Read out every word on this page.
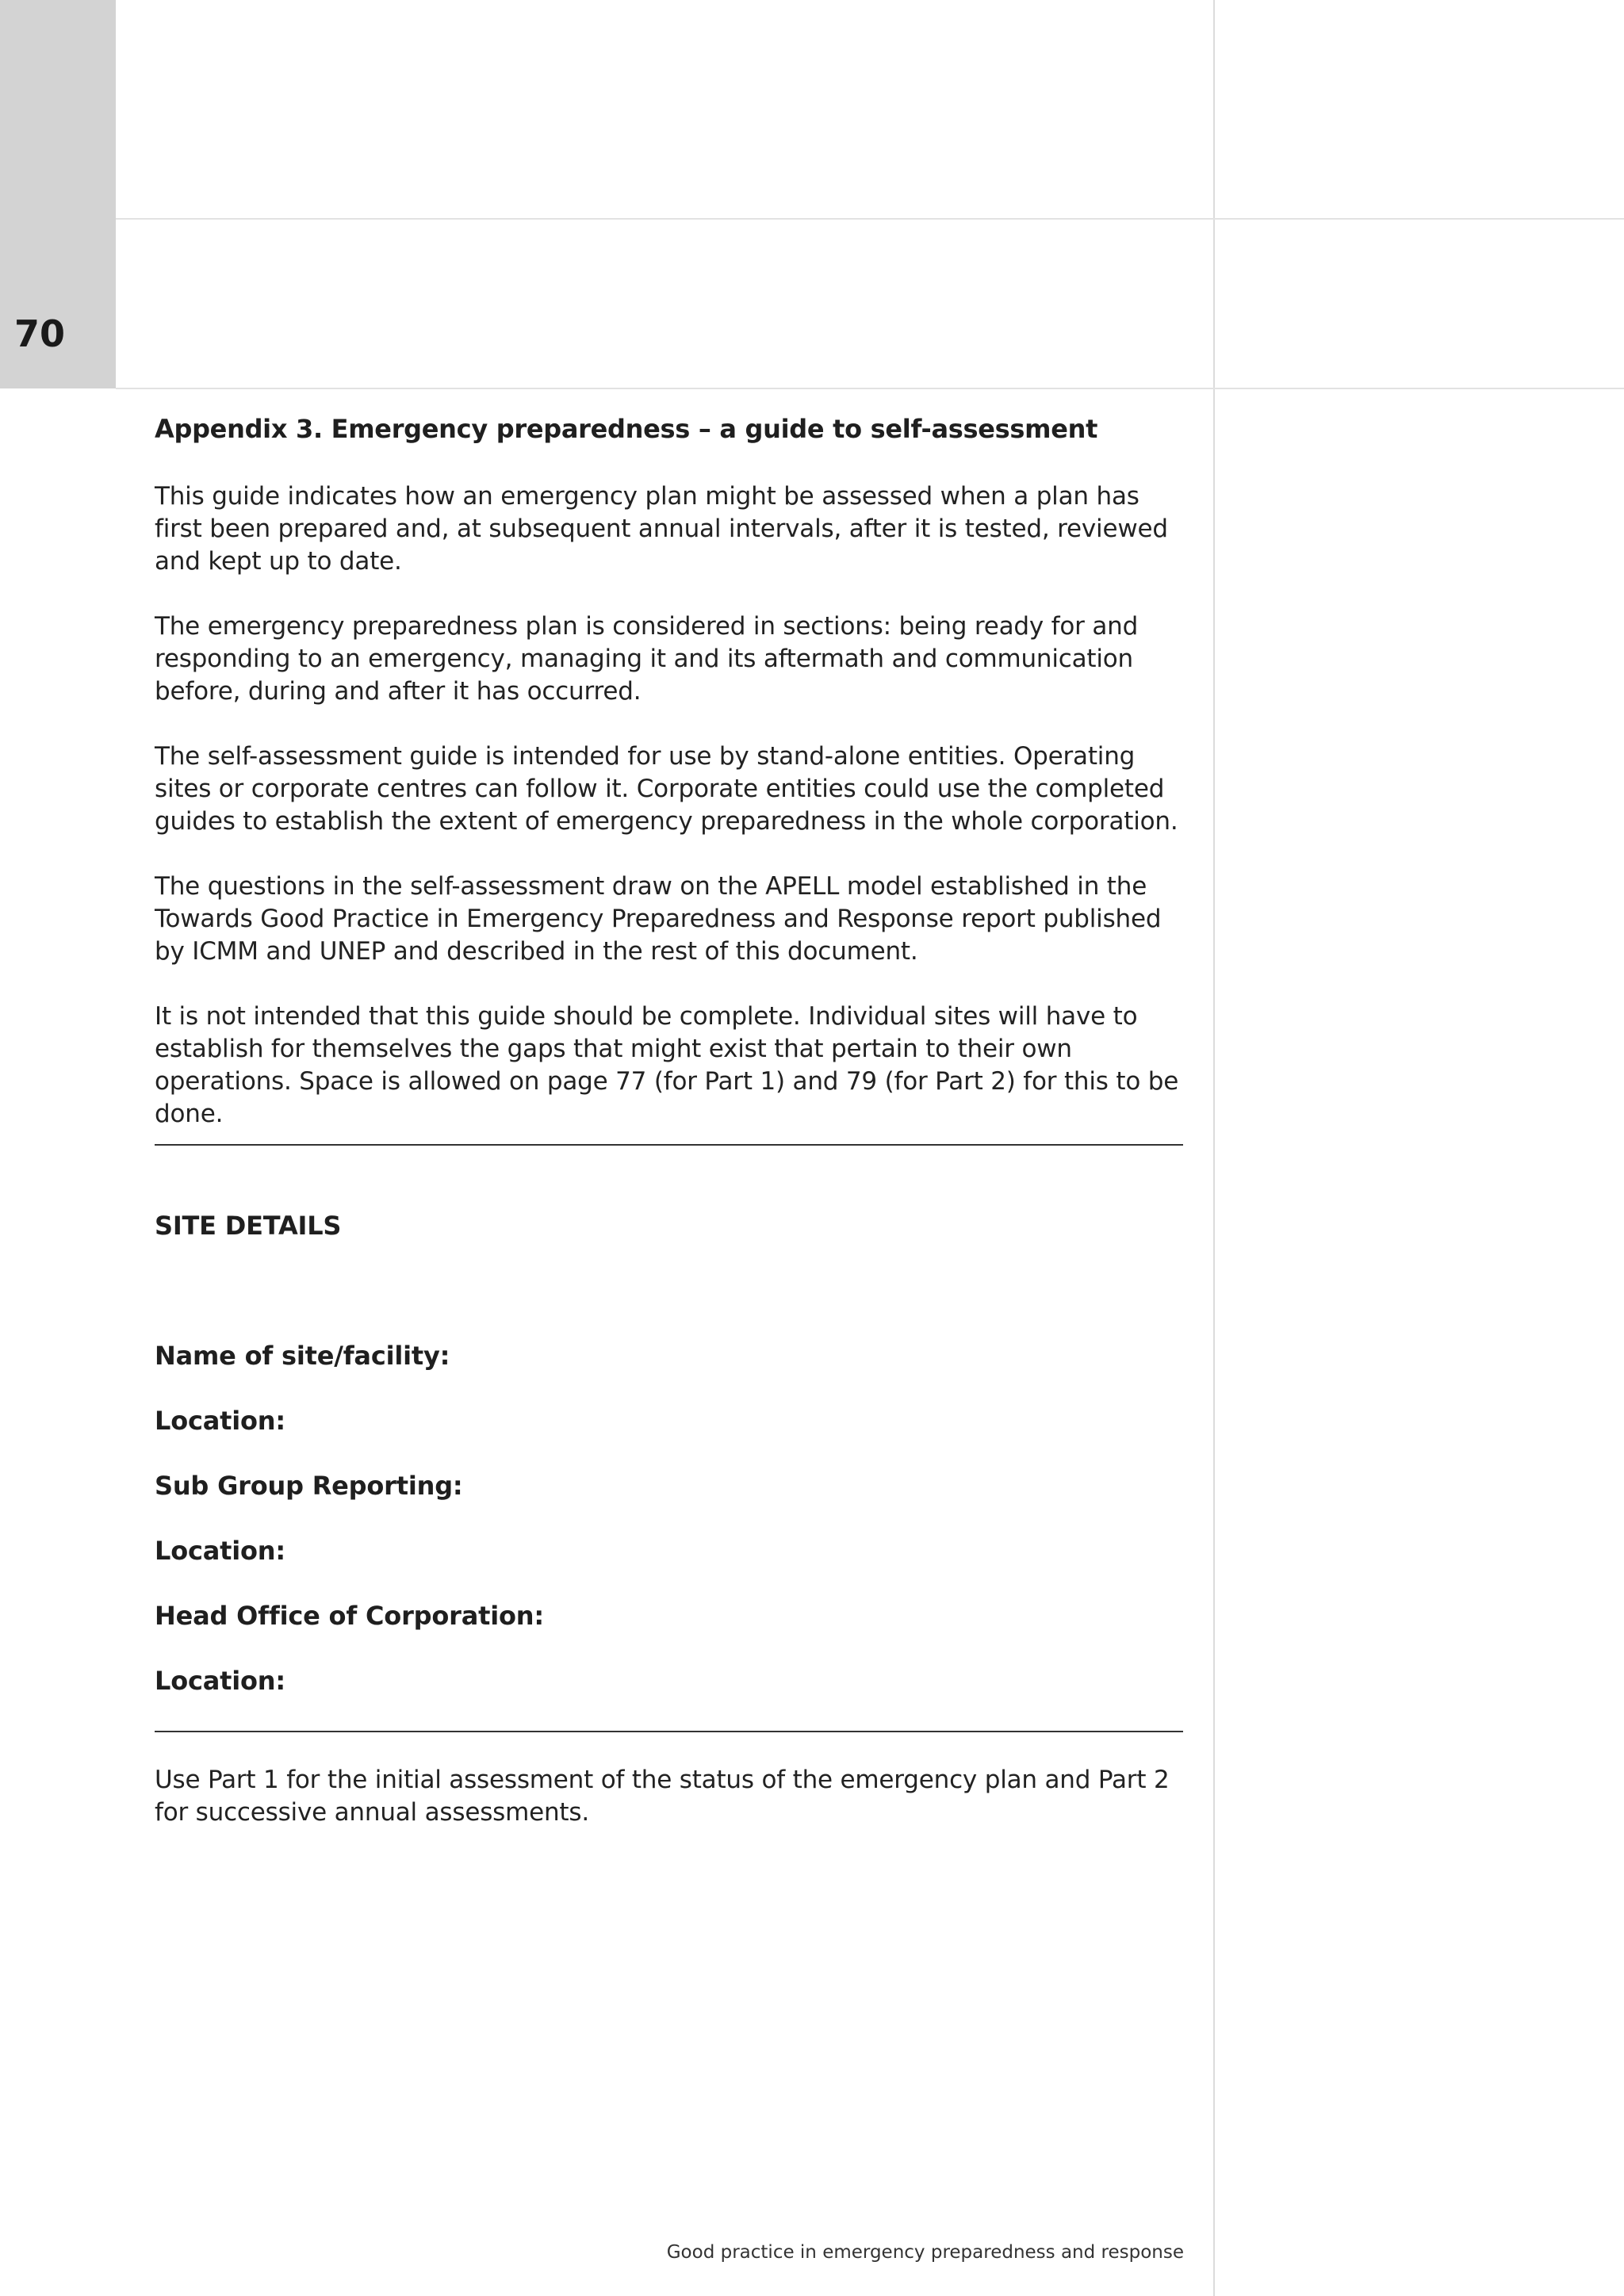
70

Appendix 3. Emergency preparedness – a guide to self-assessment

This guide indicates how an emergency plan might be assessed when a plan has first been prepared and, at subsequent annual intervals, after it is tested, reviewed and kept up to date.

The emergency preparedness plan is considered in sections: being ready for and responding to an emergency, managing it and its aftermath and communication before, during and after it has occurred.

The self-assessment guide is intended for use by stand-alone entities. Operating sites or corporate centres can follow it. Corporate entities could use the completed guides to establish the extent of emergency preparedness in the whole corporation.

The questions in the self-assessment draw on the APELL model established in the Towards Good Practice in Emergency Preparedness and Response report published by ICMM and UNEP and described in the rest of this document.

It is not intended that this guide should be complete. Individual sites will have to establish for themselves the gaps that might exist that pertain to their own operations. Space is allowed on page 77 (for Part 1) and 79 (for Part 2) for this to be done.

SITE DETAILS

Name of site/facility:

Location:

Sub Group Reporting:

Location:

Head Office of Corporation:

Location:

Use Part 1 for the initial assessment of the status of the emergency plan and Part 2 for successive annual assessments.

Good practice in emergency preparedness and response
